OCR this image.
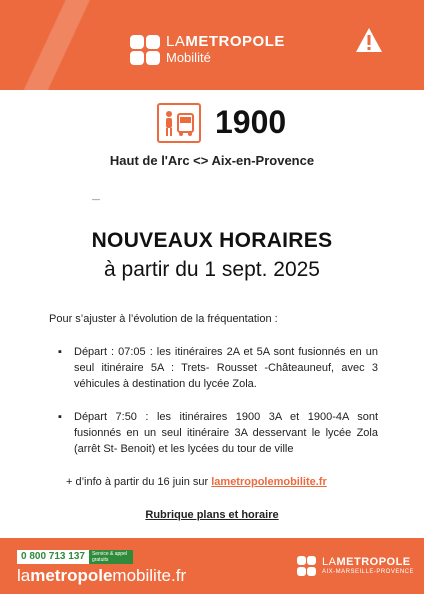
LAMETROPOLE
Mobilité
1900
Haut de l'Arc <> Aix-en-Provence
—
NOUVEAUX HORAIRES
à partir du 1 sept. 2025
Pour s’ajuster à l’évolution de la fréquentation :
▪ Départ : 07:05 : les itinéraires 2A et 5A sont fusionnés en un seul itinéraire 5A : Trets- Rousset -Châteauneuf, avec 3 véhicules à destination du lycée Zola.

▪ Départ 7:50 : les itinéraires 1900 3A et 1900-4A sont fusionnés en un seul itinéraire 3A desservant le lycée Zola (arrêt St- Benoit) et les lycées du tour de ville

+ d’info à partir du 16 juin sur lametropolemobilite.fr
Rubrique plans et horaire
0 800 713 137	Service & appel gratuits
lametropolemobilite.fr
LAMETROPOLE
AIX-MARSEILLE-PROVENCE
